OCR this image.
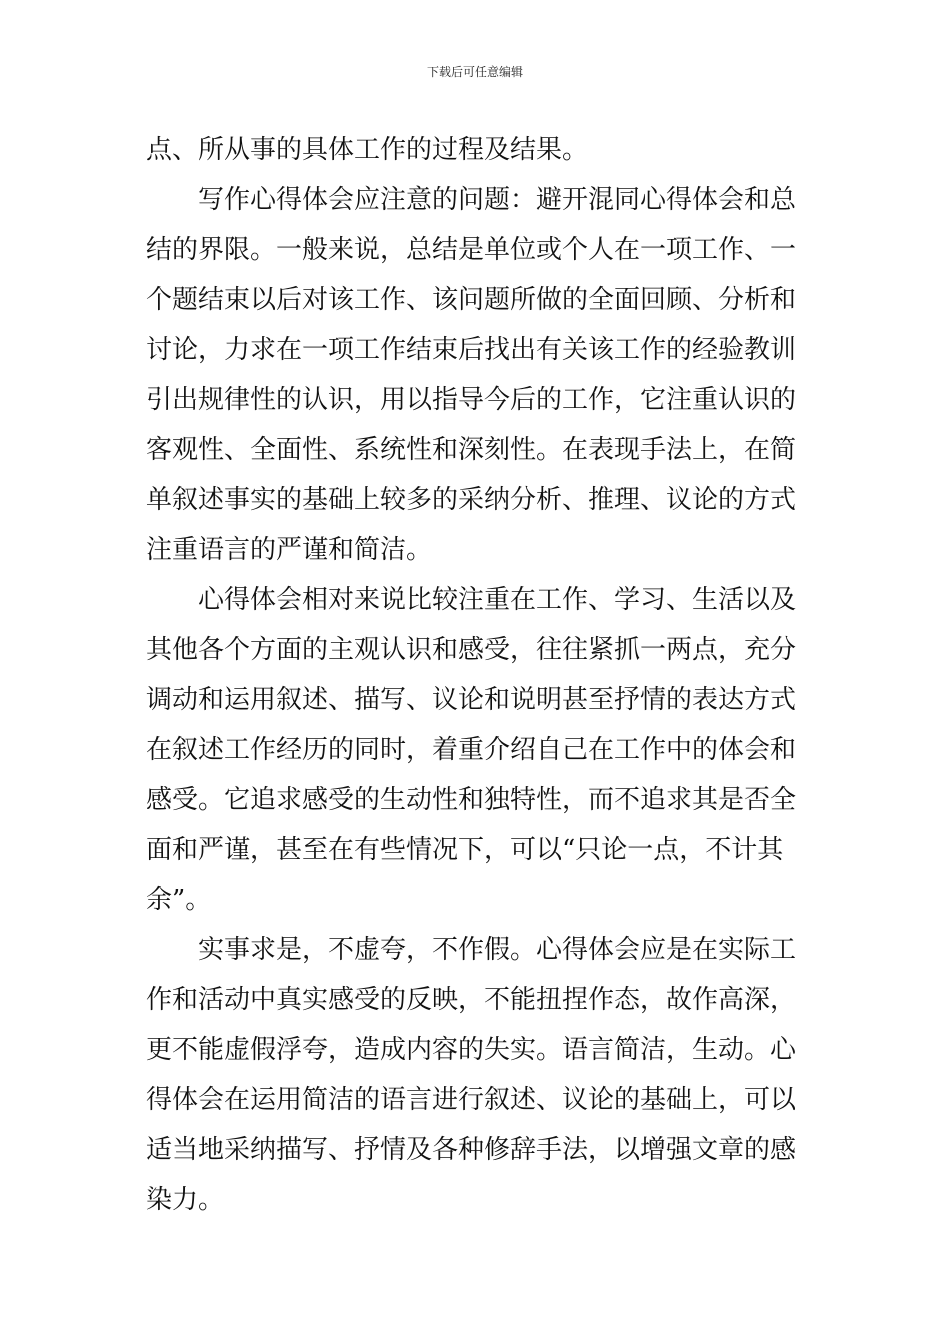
下载后可任意编辑
点、所从事的具体工作的过程及结果。
写作心得体会应注意的问题：避开混同心得体会和总
结的界限。一般来说，总结是单位或个人在一项工作、一
个题结束以后对该工作、该问题所做的全面回顾、分析和
讨论，力求在一项工作结束后找出有关该工作的经验教训
引出规律性的认识，用以指导今后的工作，它注重认识的
客观性、全面性、系统性和深刻性。在表现手法上，在简
单叙述事实的基础上较多的采纳分析、推理、议论的方式
注重语言的严谨和简洁。
心得体会相对来说比较注重在工作、学习、生活以及
其他各个方面的主观认识和感受，往往紧抓一两点，充分
调动和运用叙述、描写、议论和说明甚至抒情的表达方式
在叙述工作经历的同时，着重介绍自己在工作中的体会和
感受。它追求感受的生动性和独特性，而不追求其是否全
面和严谨，甚至在有些情况下，可以“只论一点，不计其
余”。
实事求是，不虚夸，不作假。心得体会应是在实际工
作和活动中真实感受的反映，不能扭捏作态，故作高深，
更不能虚假浮夸，造成内容的失实。语言简洁，生动。心
得体会在运用简洁的语言进行叙述、议论的基础上，可以
适当地采纳描写、抒情及各种修辞手法，以增强文章的感
染力。
